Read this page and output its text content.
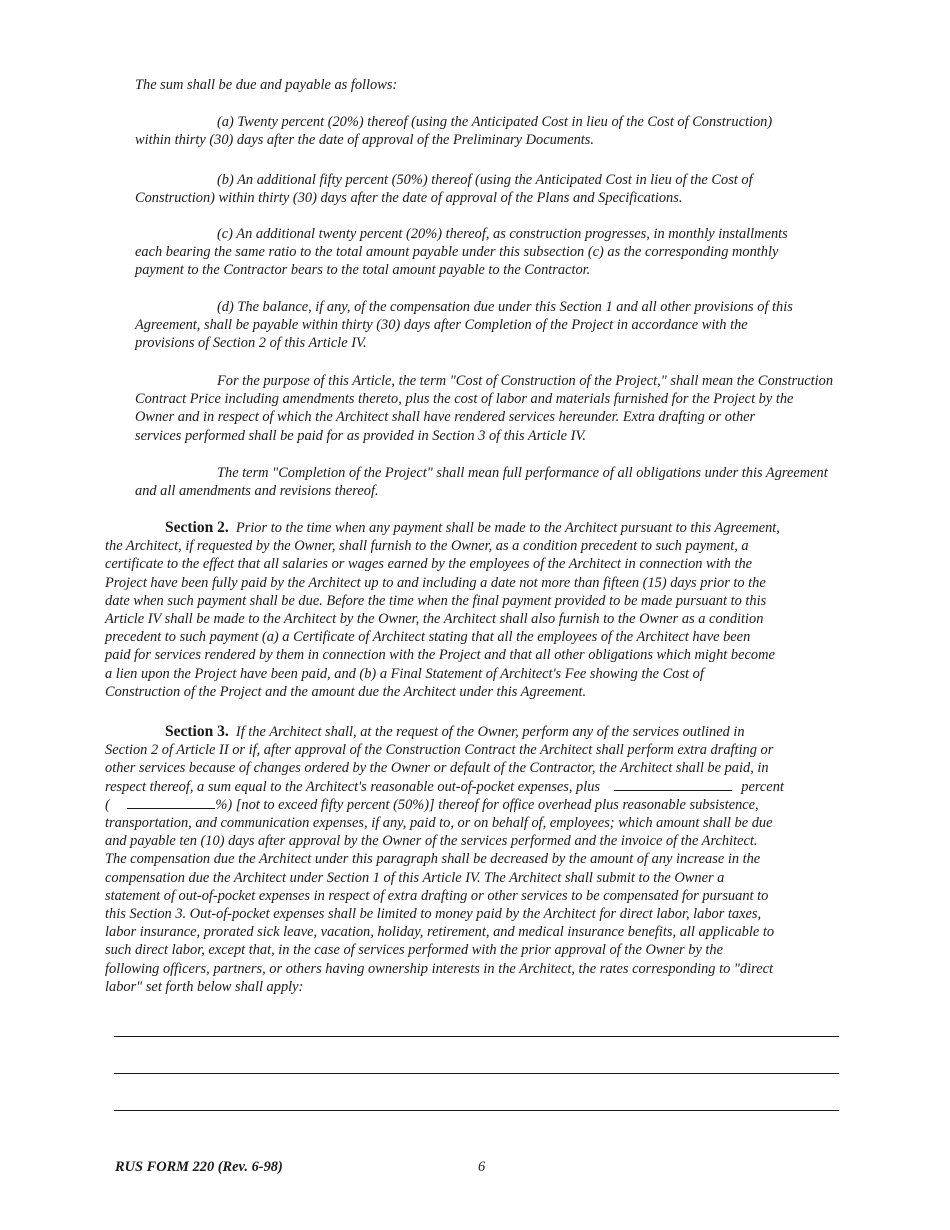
The sum shall be due and payable as follows:

(a) Twenty percent (20%) thereof (using the Anticipated Cost in lieu of the Cost of Construction)
within thirty (30) days after the date of approval of the Preliminary Documents.

(b) An additional fifty percent (50%) thereof (using the Anticipated Cost in lieu of the Cost of
Construction) within thirty (30) days after the date of approval of the Plans and Specifications.

(c) An additional twenty percent (20%) thereof, as construction progresses, in monthly installments
each bearing the same ratio to the total amount payable under this subsection (c) as the corresponding monthly
payment to the Contractor bears to the total amount payable to the Contractor.

(d) The balance, if any, of the compensation due under this Section 1 and all other provisions of this
Agreement, shall be payable within thirty (30) days after Completion of the Project in accordance with the
provisions of Section 2 of this Article IV.

For the purpose of this Article, the term "Cost of Construction of the Project," shall mean the Construction
Contract Price including amendments thereto, plus the cost of labor and materials furnished for the Project by the
Owner and in respect of which the Architect shall have rendered services hereunder. Extra drafting or other
services performed shall be paid for as provided in Section 3 of this Article IV.

The term "Completion of the Project" shall mean full performance of all obligations under this Agreement
and all amendments and revisions thereof.

Section 2. Prior to the time when any payment shall be made to the Architect pursuant to this Agreement,
the Architect, if requested by the Owner, shall furnish to the Owner, as a condition precedent to such payment, a
certificate to the effect that all salaries or wages earned by the employees of the Architect in connection with the
Project have been fully paid by the Architect up to and including a date not more than fifteen (15) days prior to the
date when such payment shall be due. Before the time when the final payment provided to be made pursuant to this
Article IV shall be made to the Architect by the Owner, the Architect shall also furnish to the Owner as a condition
precedent to such payment (a) a Certificate of Architect stating that all the employees of the Architect have been
paid for services rendered by them in connection with the Project and that all other obligations which might become
a lien upon the Project have been paid, and (b) a Final Statement of Architect's Fee showing the Cost of
Construction of the Project and the amount due the Architect under this Agreement.

Section 3. If the Architect shall, at the request of the Owner, perform any of the services outlined in
Section 2 of Article II or if, after approval of the Construction Contract the Architect shall perform extra drafting or
other services because of changes ordered by the Owner or default of the Contractor, the Architect shall be paid, in
respect thereof, a sum equal to the Architect's reasonable out-of-pocket expenses, plus	percent
(	%) [not to exceed fifty percent (50%)] thereof for office overhead plus reasonable subsistence,
transportation, and communication expenses, if any, paid to, or on behalf of, employees; which amount shall be due
and payable ten (10) days after approval by the Owner of the services performed and the invoice of the Architect.
The compensation due the Architect under this paragraph shall be decreased by the amount of any increase in the
compensation due the Architect under Section 1 of this Article IV. The Architect shall submit to the Owner a
statement of out-of-pocket expenses in respect of extra drafting or other services to be compensated for pursuant to
this Section 3. Out-of-pocket expenses shall be limited to money paid by the Architect for direct labor, labor taxes,
labor insurance, prorated sick leave, vacation, holiday, retirement, and medical insurance benefits, all applicable to
such direct labor, except that, in the case of services performed with the prior approval of the Owner by the
following officers, partners, or others having ownership interests in the Architect, the rates corresponding to "direct
labor" set forth below shall apply:

RUS FORM 220 (Rev. 6-98)	6
